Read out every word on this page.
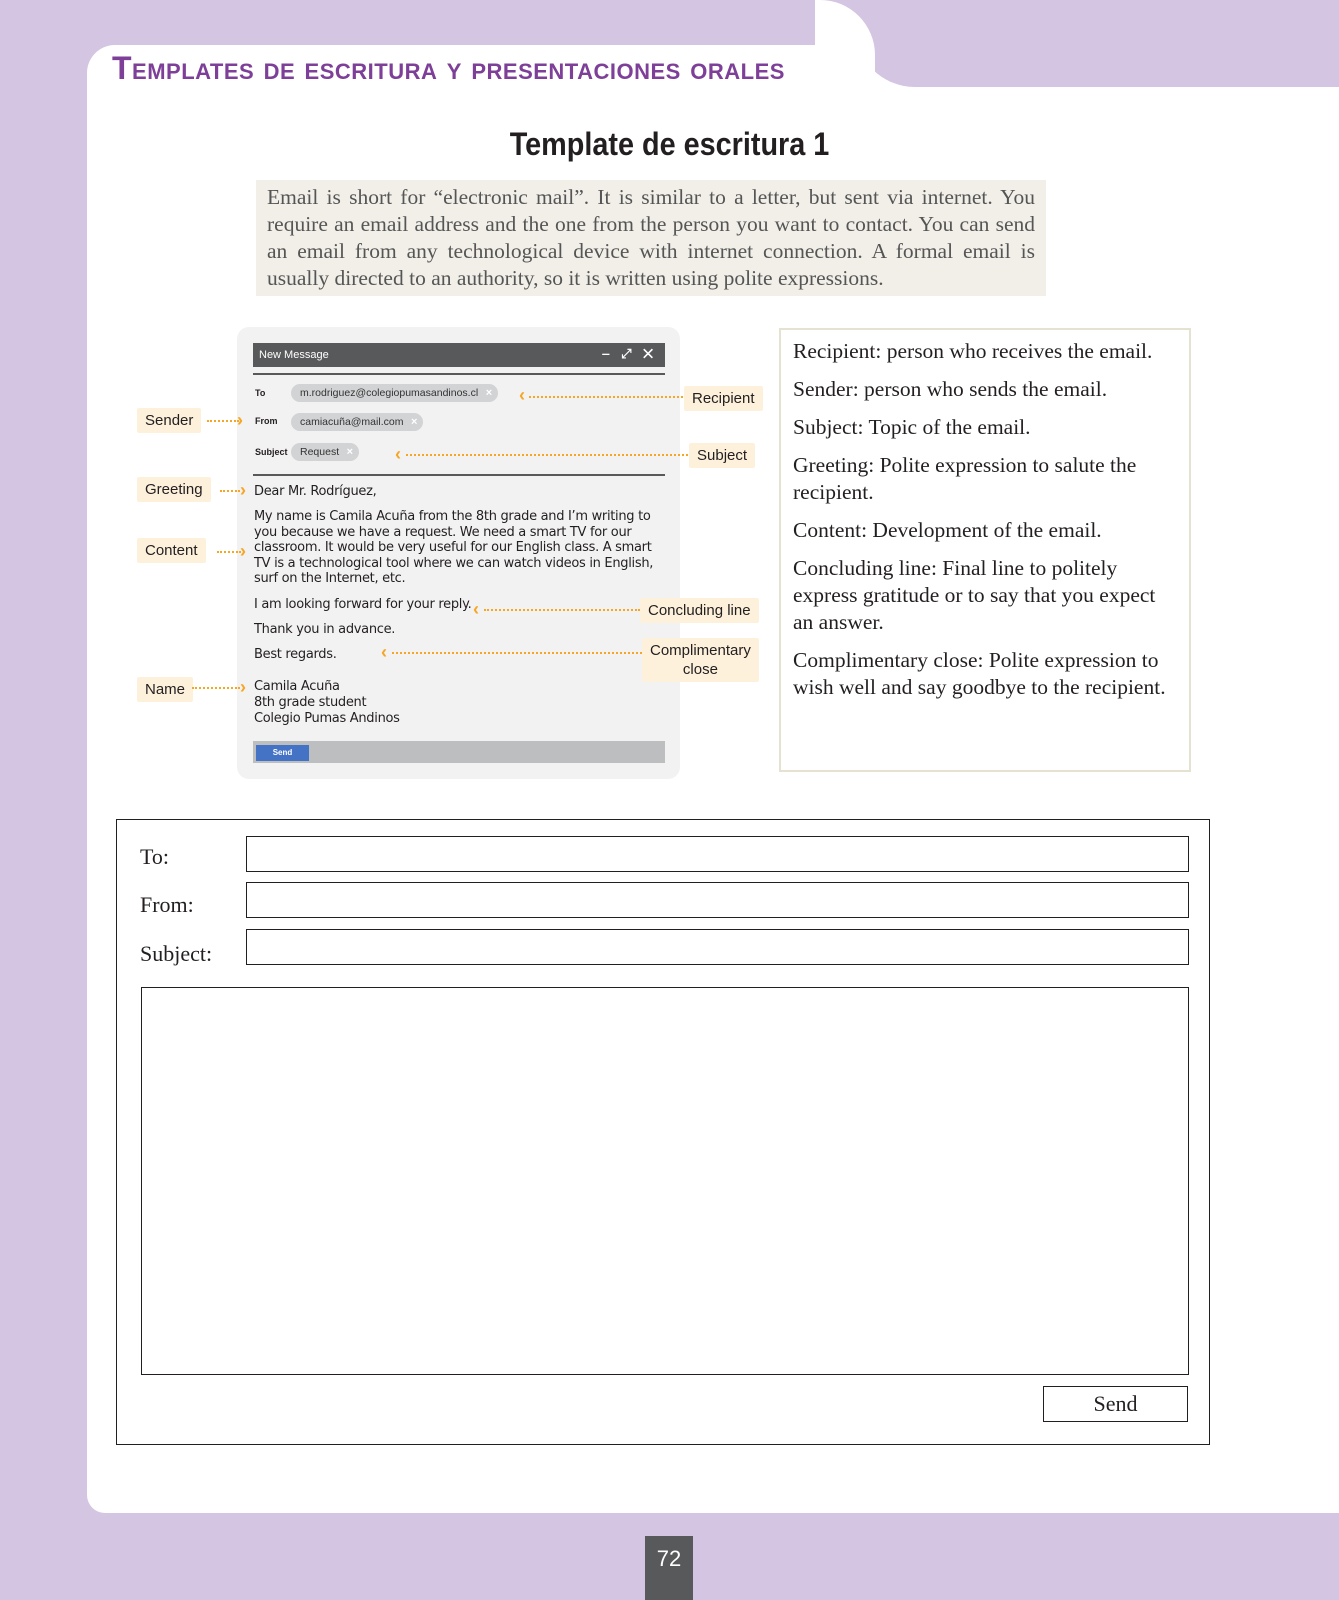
Templates de escritura y presentaciones orales
Template de escritura 1
Email is short for “electronic mail”. It is similar to a letter, but sent via internet. You require an email address and the one from the person you want to contact. You can send an email from any technological device with internet connection. A formal email is usually directed to an authority, so it is written using polite expressions.
New Message	‒ ⤢ ✕
To	m.rodriguez@colegiopumasandinos.cl ×
From	camiacuña@mail.com ×
Subject	Request ×
Dear Mr. Rodríguez,
My name is Camila Acuña from the 8th grade and I’m writing to you because we have a request. We need a smart TV for our classroom. It would be very useful for our English class. A smart TV is a technological tool where we can watch videos in English, surf on the Internet, etc.
I am looking forward for your reply.
Thank you in advance.
Best regards.
Camila Acuña
8th grade student
Colegio Pumas Andinos
Send
Sender	›
Greeting	›
Content	›
Name	›
Recipient
‹
Subject
‹
Concluding line
‹
Complimentary
close
‹

Recipient: person who receives the email.

Sender: person who sends the email.

Subject: Topic of the email.

Greeting: Polite expression to salute the recipient.

Content: Development of the email.

Concluding line: Final line to politely express gratitude or to say that you expect an answer.

Complimentary close: Polite expression to wish well and say goodbye to the recipient.

To:
From:
Subject:
Send
72
